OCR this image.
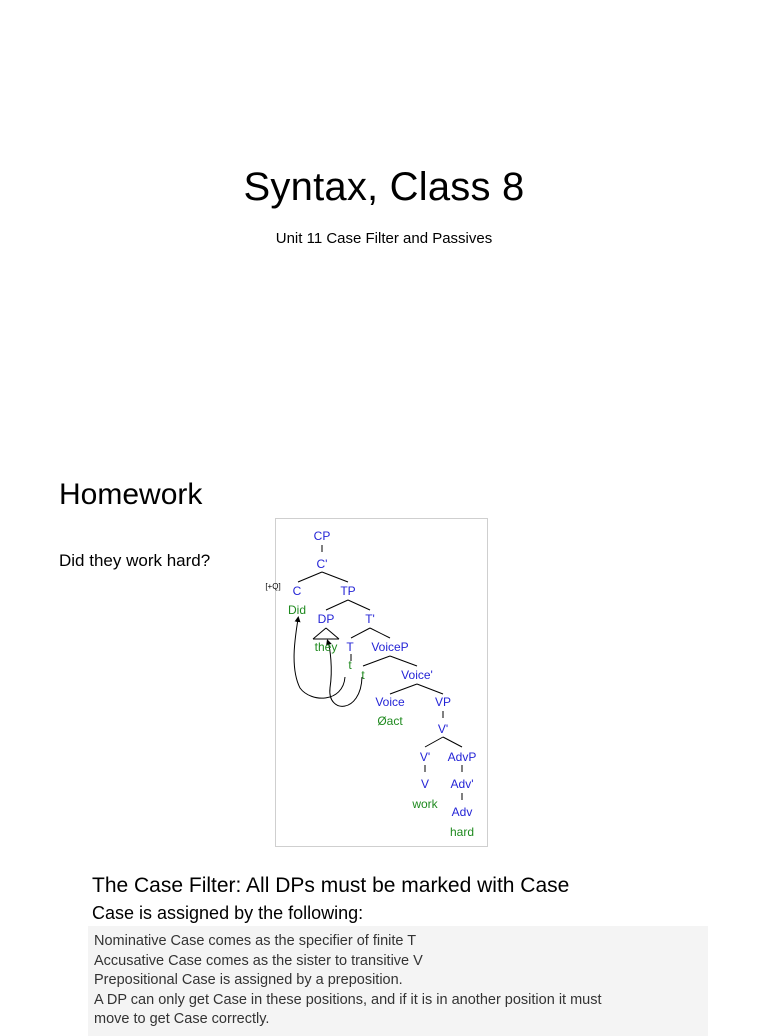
Syntax, Class 8
Unit 11 Case Filter and Passives
Homework
Did they work hard?
CP
C'
[+Q] C
Did
TP
DP	T'
they T
t
VoiceP
t	Voice'
Voice
Øact
VP
V'
V' AdvP
V Adv'
work
Adv
hard
The Case Filter: All DPs must be marked with Case
Case is assigned by the following:
Nominative Case comes as the specifier of finite T
Accusative Case comes as the sister to transitive V
Prepositional Case is assigned by a preposition.
A DP can only get Case in these positions, and if it is in another position it must
move to get Case correctly.
